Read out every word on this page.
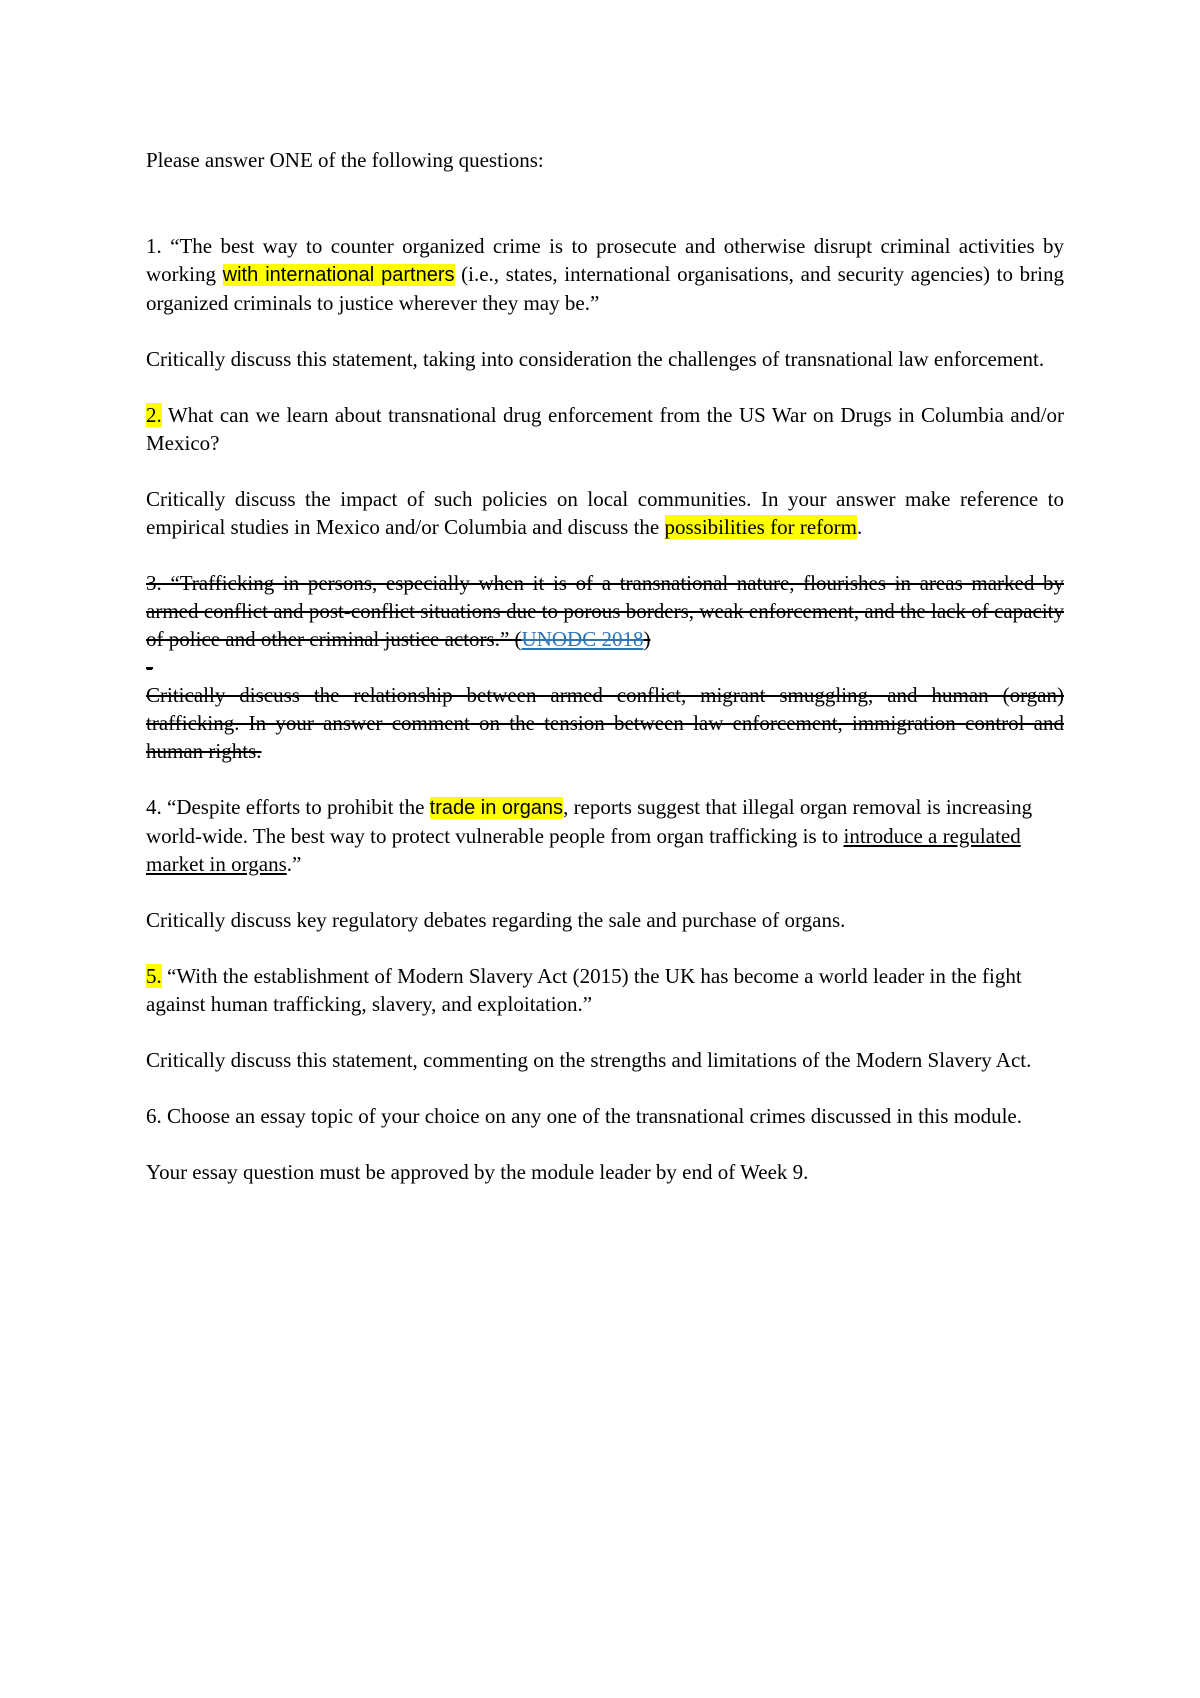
Please answer ONE of the following questions:

1. “The best way to counter organized crime is to prosecute and otherwise disrupt criminal activities by working with international partners (i.e., states, international organisations, and security agencies) to bring organized criminals to justice wherever they may be.”

Critically discuss this statement, taking into consideration the challenges of transnational law enforcement.

2. What can we learn about transnational drug enforcement from the US War on Drugs in Columbia and/or Mexico?

Critically discuss the impact of such policies on local communities. In your answer make reference to empirical studies in Mexico and/or Columbia and discuss the possibilities for reform.

3. “Trafficking in persons, especially when it is of a transnational nature, flourishes in areas marked by armed conflict and post-conflict situations due to porous borders, weak enforcement, and the lack of capacity of police and other criminal justice actors.” (UNODC 2018)

-

Critically discuss the relationship between armed conflict, migrant smuggling, and human (organ) trafficking. In your answer comment on the tension between law enforcement, immigration control and human rights.

4. “Despite efforts to prohibit the trade in organs, reports suggest that illegal organ removal is increasing world-wide. The best way to protect vulnerable people from organ trafficking is to introduce a regulated market in organs.”

Critically discuss key regulatory debates regarding the sale and purchase of organs.

5. “With the establishment of Modern Slavery Act (2015) the UK has become a world leader in the fight against human trafficking, slavery, and exploitation.”

Critically discuss this statement, commenting on the strengths and limitations of the Modern Slavery Act.

6. Choose an essay topic of your choice on any one of the transnational crimes discussed in this module.

Your essay question must be approved by the module leader by end of Week 9.
